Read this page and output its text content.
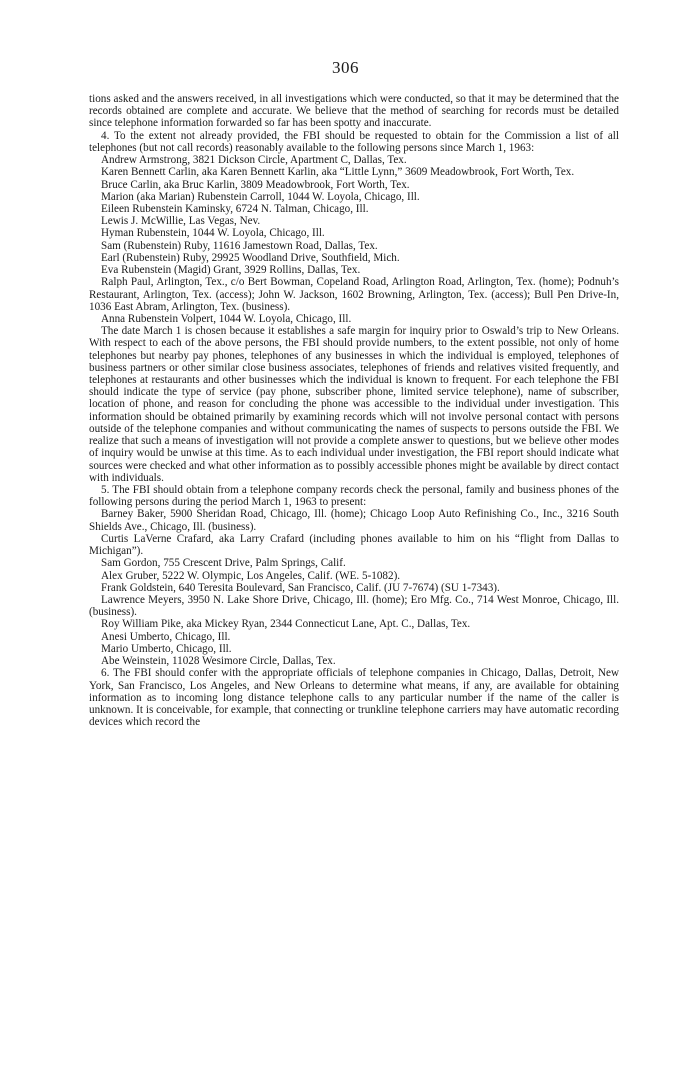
306

tions asked and the answers received, in all investigations which were conducted, so that it may be determined that the records obtained are complete and accurate. We believe that the method of searching for records must be detailed since telephone information forwarded so far has been spotty and inaccurate.

4. To the extent not already provided, the FBI should be requested to obtain for the Commission a list of all telephones (but not call records) reasonably available to the following persons since March 1, 1963:

Andrew Armstrong, 3821 Dickson Circle, Apartment C, Dallas, Tex.

Karen Bennett Carlin, aka Karen Bennett Karlin, aka “Little Lynn,” 3609 Meadowbrook, Fort Worth, Tex.

Bruce Carlin, aka Bruc Karlin, 3809 Meadowbrook, Fort Worth, Tex.

Marion (aka Marian) Rubenstein Carroll, 1044 W. Loyola, Chicago, Ill.

Eileen Rubenstein Kaminsky, 6724 N. Talman, Chicago, Ill.

Lewis J. McWillie, Las Vegas, Nev.

Hyman Rubenstein, 1044 W. Loyola, Chicago, Ill.

Sam (Rubenstein) Ruby, 11616 Jamestown Road, Dallas, Tex.

Earl (Rubenstein) Ruby, 29925 Woodland Drive, Southfield, Mich.

Eva Rubenstein (Magid) Grant, 3929 Rollins, Dallas, Tex.

Ralph Paul, Arlington, Tex., c/o Bert Bowman, Copeland Road, Arlington Road, Arlington, Tex. (home); Podnuh’s Restaurant, Arlington, Tex. (access); John W. Jackson, 1602 Browning, Arlington, Tex. (access); Bull Pen Drive-In, 1036 East Abram, Arlington, Tex. (business).

Anna Rubenstein Volpert, 1044 W. Loyola, Chicago, Ill.

The date March 1 is chosen because it establishes a safe margin for inquiry prior to Oswald’s trip to New Orleans. With respect to each of the above persons, the FBI should provide numbers, to the extent possible, not only of home telephones but nearby pay phones, telephones of any businesses in which the individual is employed, telephones of business partners or other similar close business associates, telephones of friends and relatives visited frequently, and telephones at restaurants and other businesses which the individual is known to frequent. For each telephone the FBI should indicate the type of service (pay phone, subscriber phone, limited service telephone), name of subscriber, location of phone, and reason for concluding the phone was accessible to the individual under investigation. This information should be obtained primarily by examining records which will not involve personal contact with persons outside of the telephone companies and without communicating the names of suspects to persons outside the FBI. We realize that such a means of investigation will not provide a complete answer to questions, but we believe other modes of inquiry would be unwise at this time. As to each individual under investigation, the FBI report should indicate what sources were checked and what other information as to possibly accessible phones might be available by direct contact with individuals.

5. The FBI should obtain from a telephone company records check the personal, family and business phones of the following persons during the period March 1, 1963 to present:

Barney Baker, 5900 Sheridan Road, Chicago, Ill. (home); Chicago Loop Auto Refinishing Co., Inc., 3216 South Shields Ave., Chicago, Ill. (business).

Curtis LaVerne Crafard, aka Larry Crafard (including phones available to him on his “flight from Dallas to Michigan”).

Sam Gordon, 755 Crescent Drive, Palm Springs, Calif.

Alex Gruber, 5222 W. Olympic, Los Angeles, Calif. (WE. 5-1082).

Frank Goldstein, 640 Teresita Boulevard, San Francisco, Calif. (JU 7-7674) (SU 1-7343).

Lawrence Meyers, 3950 N. Lake Shore Drive, Chicago, Ill. (home); Ero Mfg. Co., 714 West Monroe, Chicago, Ill. (business).

Roy William Pike, aka Mickey Ryan, 2344 Connecticut Lane, Apt. C., Dallas, Tex.

Anesi Umberto, Chicago, Ill.

Mario Umberto, Chicago, Ill.

Abe Weinstein, 11028 Wesimore Circle, Dallas, Tex.

6. The FBI should confer with the appropriate officials of telephone companies in Chicago, Dallas, Detroit, New York, San Francisco, Los Angeles, and New Orleans to determine what means, if any, are available for obtaining information as to incoming long distance telephone calls to any particular number if the name of the caller is unknown. It is conceivable, for example, that connecting or trunkline telephone carriers may have automatic recording devices which record the
